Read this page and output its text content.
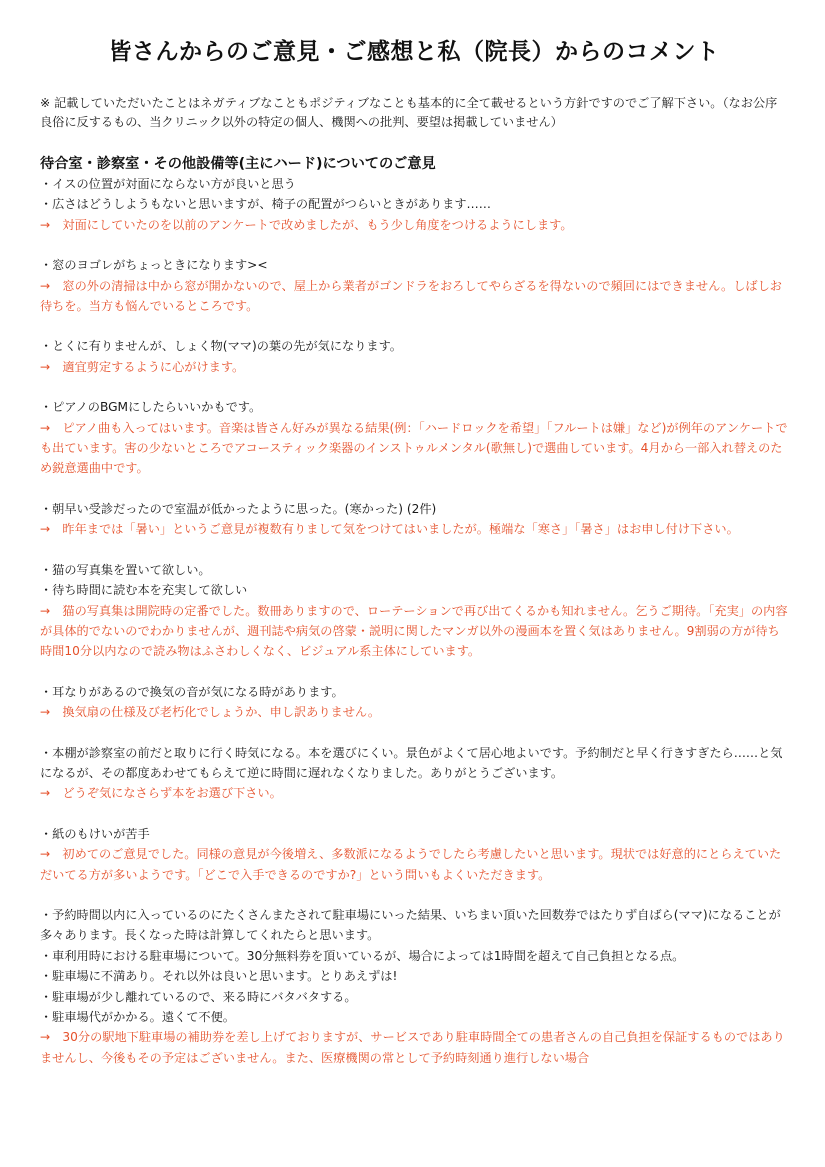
皆さんからのご意見・ご感想と私（院長）からのコメント

※ 記載していただいたことはネガティブなこともポジティブなことも基本的に全て載せるという方針ですのでご了解下さい。（なお公序良俗に反するもの、当クリニック以外の特定の個人、機関への批判、要望は掲載していません）

待合室・診察室・その他設備等(主にハード)についてのご意見

・イスの位置が対面にならない方が良いと思う

・広さはどうしようもないと思いますが、椅子の配置がつらいときがあります……

→　対面にしていたのを以前のアンケートで改めましたが、もう少し角度をつけるようにします。

・窓のヨゴレがちょっときになります><

→　窓の外の清掃は中から窓が開かないので、屋上から業者がゴンドラをおろしてやらざるを得ないので頻回にはできません。しばしお待ちを。当方も悩んでいるところです。

・とくに有りませんが、しょく物(ママ)の葉の先が気になります。

→　適宜剪定するように心がけます。

・ピアノのBGMにしたらいいかもです。

→　ピアノ曲も入ってはいます。音楽は皆さん好みが異なる結果(例：「ハードロックを希望」「フルートは嫌」など)が例年のアンケートでも出ています。害の少ないところでアコースティック楽器のインストゥルメンタル(歌無し)で選曲しています。4月から一部入れ替えのため鋭意選曲中です。

・朝早い受診だったので室温が低かったように思った。(寒かった) (2件)

→　昨年までは「暑い」というご意見が複数有りまして気をつけてはいましたが。極端な「寒さ」「暑さ」はお申し付け下さい。

・猫の写真集を置いて欲しい。

・待ち時間に読む本を充実して欲しい

→　猫の写真集は開院時の定番でした。数冊ありますので、ローテーションで再び出てくるかも知れません。乞うご期待。「充実」の内容が具体的でないのでわかりませんが、週刊誌や病気の啓蒙・説明に関したマンガ以外の漫画本を置く気はありません。9割弱の方が待ち時間10分以内なので読み物はふさわしくなく、ビジュアル系主体にしています。

・耳なりがあるので換気の音が気になる時があります。

→　換気扇の仕様及び老朽化でしょうか、申し訳ありません。

・本棚が診察室の前だと取りに行く時気になる。本を選びにくい。景色がよくて居心地よいです。予約制だと早く行きすぎたら……と気になるが、その都度あわせてもらえて逆に時間に遅れなくなりました。ありがとうございます。

→　どうぞ気になさらず本をお選び下さい。

・紙のもけいが苦手

→　初めてのご意見でした。同様の意見が今後増え、多数派になるようでしたら考慮したいと思います。現状では好意的にとらえていただいてる方が多いようです。「どこで入手できるのですか?」という問いもよくいただきます。

・予約時間以内に入っているのにたくさんまたされて駐車場にいった結果、いちまい頂いた回数券ではたりず自ばら(ママ)になることが多々あります。長くなった時は計算してくれたらと思います。

・車利用時における駐車場について。30分無料券を頂いているが、場合によっては1時間を超えて自己負担となる点。

・駐車場に不満あり。それ以外は良いと思います。とりあえずは!

・駐車場が少し離れているので、来る時にバタバタする。

・駐車場代がかかる。遠くて不便。

→　30分の駅地下駐車場の補助券を差し上げておりますが、サービスであり駐車時間全ての患者さんの自己負担を保証するものではありませんし、今後もその予定はございません。また、医療機関の常として予約時刻通り進行しない場合
